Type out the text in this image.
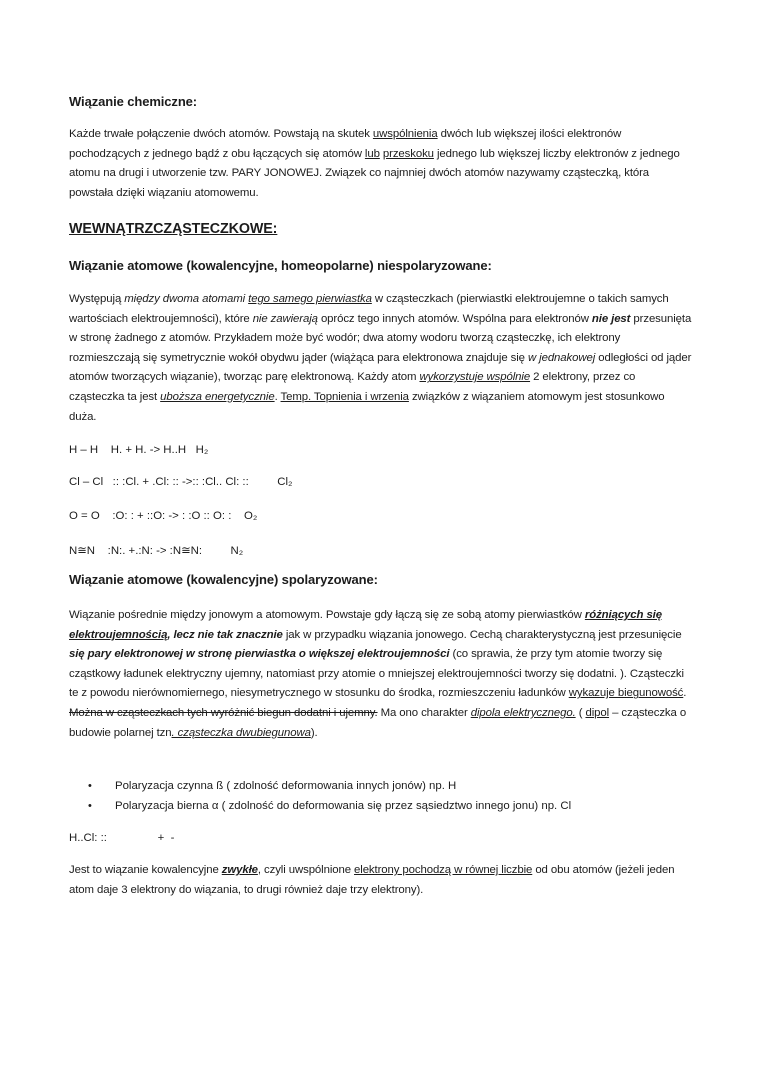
Wiązanie chemiczne:

Każde trwałe połączenie dwóch atomów. Powstają na skutek uwspólnienia dwóch lub większej ilości elektronów pochodzących z jednego bądź z obu łączących się atomów lub przeskoku jednego lub większej liczby elektronów z jednego atomu na drugi i utworzenie tzw. PARY JONOWEJ. Związek co najmniej dwóch atomów nazywamy cząsteczką, która powstała dzięki wiązaniu atomowemu.

WEWNĄTRZCZĄSTECZKOWE:
Wiązanie atomowe (kowalencyjne, homeopolarne) niespolaryzowane:

Występują między dwoma atomami tego samego pierwiastka w cząsteczkach (pierwiastki elektroujemne o takich samych wartościach elektroujemności), które nie zawierają oprócz tego innych atomów. Wspólna para elektronów nie jest przesunięta w stronę żadnego z atomów. Przykładem może być wodór; dwa atomy wodoru tworzą cząsteczkę, ich elektrony rozmieszczają się symetrycznie wokół obydwu jąder (wiążąca para elektronowa znajduje się w jednakowej odległości od jąder atomów tworzących wiązanie), tworząc parę elektronową. Każdy atom wykorzystuje wspólnie 2 elektrony, przez co cząsteczka ta jest uboższa energetycznie. Temp. Topnienia i wrzenia związków z wiązaniem atomowym jest stosunkowo duża.

H – H    H. + H. -> H..H   H₂
Cl – Cl   :: :Cl. + .Cl: :: ->:: :Cl.. Cl: ::         Cl₂
O = O    :O: : + ::O: -> : :O :: O: :    O₂
N≅N    :N:. +.:N: -> :N≅N:         N₂
Wiązanie atomowe (kowalencyjne) spolaryzowane:

Wiązanie pośrednie między jonowym a atomowym. Powstaje gdy łączą się ze sobą atomy pierwiastków różniących się elektroujemnością, lecz nie tak znacznie jak w przypadku wiązania jonowego. Cechą charakterystyczną jest przesunięcie się pary elektronowej w stronę pierwiastka o większej elektroujemności (co sprawia, że przy tym atomie tworzy się cząstkowy ładunek elektryczny ujemny, natomiast przy atomie o mniejszej elektroujemności tworzy się dodatni. ). Cząsteczki te z powodu nierównomiernego, niesymetrycznego w stosunku do środka, rozmieszczeniu ładunków wykazuje biegunowość. Można w cząsteczkach tych wyróżnić biegun dodatni i ujemny. Ma ono charakter dipola elektrycznego. ( dipol – cząsteczka o budowie polarnej tzn. cząsteczka dwubiegunowa).

• Polaryzacja czynna ß ( zdolność deformowania innych jonów) np. H
• Polaryzacja bierna α ( zdolność do deformowania się przez sąsiedztwo innego jonu) np. Cl
H..Cl: ::                +  -

Jest to wiązanie kowalencyjne zwykłe, czyli uwspólnione elektrony pochodzą w równej liczbie od obu atomów (jeżeli jeden atom daje 3 elektrony do wiązania, to drugi również daje trzy elektrony).
